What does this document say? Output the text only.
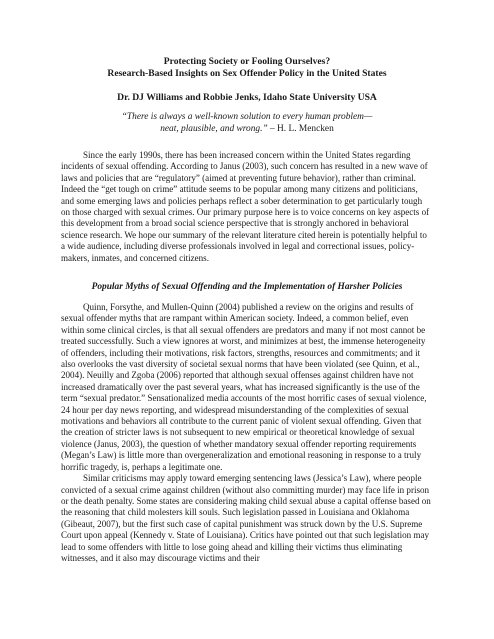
Protecting Society or Fooling Ourselves?
Research-Based Insights on Sex Offender Policy in the United States
Dr. DJ Williams and Robbie Jenks, Idaho State University USA
“There is always a well-known solution to every human problem—
neat, plausible, and wrong.” – H. L. Mencken

Since the early 1990s, there has been increased concern within the United States regarding incidents of sexual offending. According to Janus (2003), such concern has resulted in a new wave of laws and policies that are “regulatory” (aimed at preventing future behavior), rather than criminal. Indeed the “get tough on crime” attitude seems to be popular among many citizens and politicians, and some emerging laws and policies perhaps reflect a sober determination to get particularly tough on those charged with sexual crimes. Our primary purpose here is to voice concerns on key aspects of this development from a broad social science perspective that is strongly anchored in behavioral science research. We hope our summary of the relevant literature cited herein is potentially helpful to a wide audience, including diverse professionals involved in legal and correctional issues, policy-makers, inmates, and concerned citizens.

Popular Myths of Sexual Offending and the Implementation of Harsher Policies

Quinn, Forsythe, and Mullen-Quinn (2004) published a review on the origins and results of sexual offender myths that are rampant within American society. Indeed, a common belief, even within some clinical circles, is that all sexual offenders are predators and many if not most cannot be treated successfully. Such a view ignores at worst, and minimizes at best, the immense heterogeneity of offenders, including their motivations, risk factors, strengths, resources and commitments; and it also overlooks the vast diversity of societal sexual norms that have been violated (see Quinn, et al., 2004). Neuilly and Zgoba (2006) reported that although sexual offenses against children have not increased dramatically over the past several years, what has increased significantly is the use of the term “sexual predator.” Sensationalized media accounts of the most horrific cases of sexual violence, 24 hour per day news reporting, and widespread misunderstanding of the complexities of sexual motivations and behaviors all contribute to the current panic of violent sexual offending. Given that the creation of stricter laws is not subsequent to new empirical or theoretical knowledge of sexual violence (Janus, 2003), the question of whether mandatory sexual offender reporting requirements (Megan’s Law) is little more than overgeneralization and emotional reasoning in response to a truly horrific tragedy, is, perhaps a legitimate one.

Similar criticisms may apply toward emerging sentencing laws (Jessica’s Law), where people convicted of a sexual crime against children (without also committing murder) may face life in prison or the death penalty. Some states are considering making child sexual abuse a capital offense based on the reasoning that child molesters kill souls. Such legislation passed in Louisiana and Oklahoma (Gibeaut, 2007), but the first such case of capital punishment was struck down by the U.S. Supreme Court upon appeal (Kennedy v. State of Louisiana). Critics have pointed out that such legislation may lead to some offenders with little to lose going ahead and killing their victims thus eliminating witnesses, and it also may discourage victims and their
